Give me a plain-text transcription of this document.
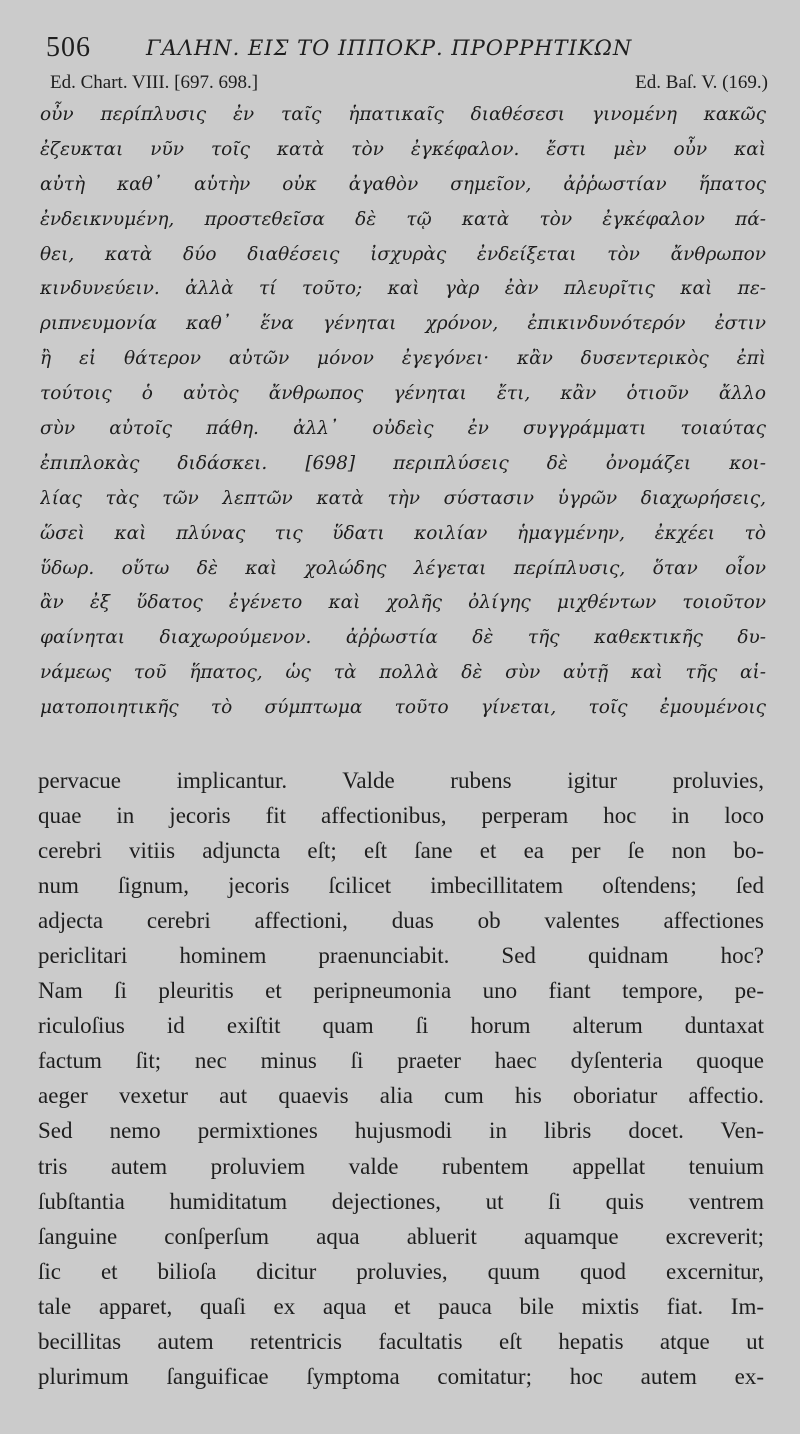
506	ΓΑΛΗΝ. ΕΙΣ ΤΟ ΙΠΠΟΚΡ. ΠΡΟΡΡΗΤΙΚΩΝ
Ed. Chart. VIII. [697. 698.]	Ed. Baſ. V. (169.)
οὖν περίπλυσις ἐν ταῖς ἡπατικαῖς διαθέσεσι γινομένη κακῶς
ἐζευκται νῦν τοῖς κατὰ τὸν ἐγκέφαλον. ἔστι μὲν οὖν καὶ
αὐτὴ καθ᾽ αὑτὴν οὐκ ἀγαθὸν σημεῖον, ἀῤῥωστίαν ἥπατος
ἐνδεικνυμένη, προστεθεῖσα δὲ τῷ κατὰ τὸν ἐγκέφαλον πά-
θει, κατὰ δύο διαθέσεις ἰσχυρὰς ἐνδείξεται τὸν ἄνθρωπον
κινδυνεύειν. ἀλλὰ τί τοῦτο; καὶ γὰρ ἐὰν πλευρῖτις καὶ πε-
ριπνευμονία καθ᾽ ἕνα γένηται χρόνον, ἐπικινδυνότερόν ἐστιν
ἢ εἰ θάτερον αὐτῶν μόνον ἐγεγόνει· κἂν δυσεντερικὸς ἐπὶ
τούτοις ὁ αὐτὸς ἄνθρωπος γένηται ἔτι, κἂν ὁτιοῦν ἄλλο
σὺν αὐτοῖς πάθη. ἀλλ᾽ οὐδεὶς ἐν συγγράμματι τοιαύτας
ἐπιπλοκὰς διδάσκει. [698] περιπλύσεις δὲ ὀνομάζει κοι-
λίας τὰς τῶν λεπτῶν κατὰ τὴν σύστασιν ὑγρῶν διαχωρήσεις,
ὥσεὶ καὶ πλύνας τις ὕδατι κοιλίαν ἡμαγμένην, ἐκχέει τὸ
ὕδωρ. οὕτω δὲ καὶ χολώδης λέγεται περίπλυσις, ὅταν οἷον
ἂν ἐξ ὕδατος ἐγένετο καὶ χολῆς ὀλίγης μιχθέντων τοιοῦτον
φαίνηται διαχωρούμενον. ἀῤῥωστία δὲ τῆς καθεκτικῆς δυ-
νάμεως τοῦ ἥπατος, ὡς τὰ πολλὰ δὲ σὺν αὐτῇ καὶ τῆς αἱ-
ματοποιητικῆς τὸ σύμπτωμα τοῦτο γίνεται, τοῖς ἐμουμένοις
pervacue implicantur. Valde rubens igitur proluvies,
quae in jecoris fit affectionibus, perperam hoc in loco
cerebri vitiis adjuncta eſt; eſt ſane et ea per ſe non bo-
num ſignum, jecoris ſcilicet imbecillitatem oſtendens; ſed
adjecta cerebri affectioni, duas ob valentes affectiones
periclitari hominem praenunciabit. Sed quidnam hoc?
Nam ſi pleuritis et peripneumonia uno fiant tempore, pe-
riculoſius id exiſtit quam ſi horum alterum duntaxat
factum ſit; nec minus ſi praeter haec dyſenteria quoque
aeger vexetur aut quaevis alia cum his oboriatur affectio.
Sed nemo permixtiones hujusmodi in libris docet. Ven-
tris autem proluviem valde rubentem appellat tenuium
ſubſtantia humiditatum dejectiones, ut ſi quis ventrem
ſanguine conſperſum aqua abluerit aquamque excreverit;
ſic et bilioſa dicitur proluvies, quum quod excernitur,
tale apparet, quaſi ex aqua et pauca bile mixtis fiat. Im-
becillitas autem retentricis facultatis eſt hepatis atque ut
plurimum ſanguificae ſymptoma comitatur; hoc autem ex-
